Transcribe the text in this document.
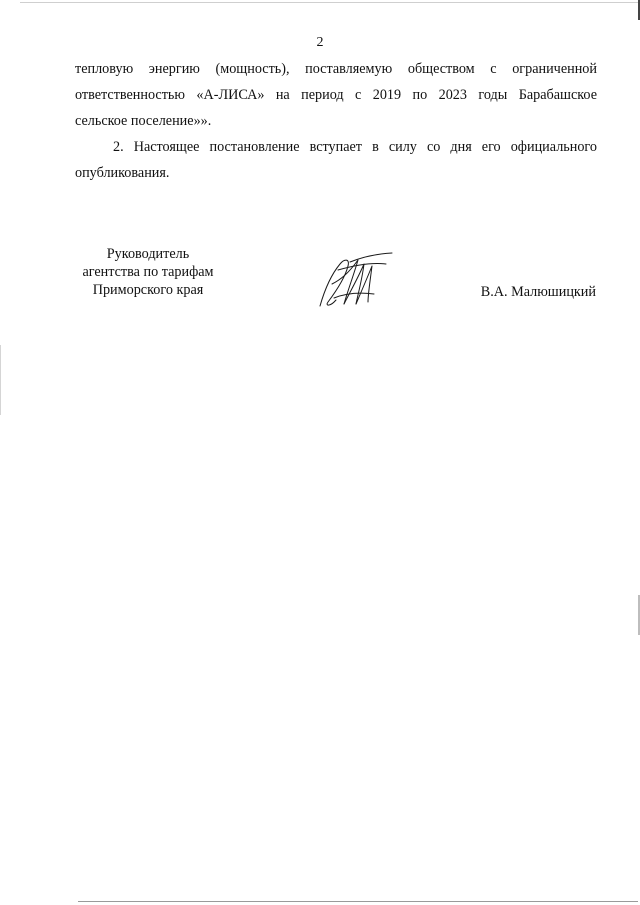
2

тепловую энергию (мощность), поставляемую обществом с ограниченной
ответственностью «А-ЛИСА» на период с 2019 по 2023 годы Барабашское
сельское поселение»».

2. Настоящее постановление вступает в силу со дня его официального
опубликования.

Руководитель
агентства по тарифам
Приморского края	В.А. Малюшицкий
